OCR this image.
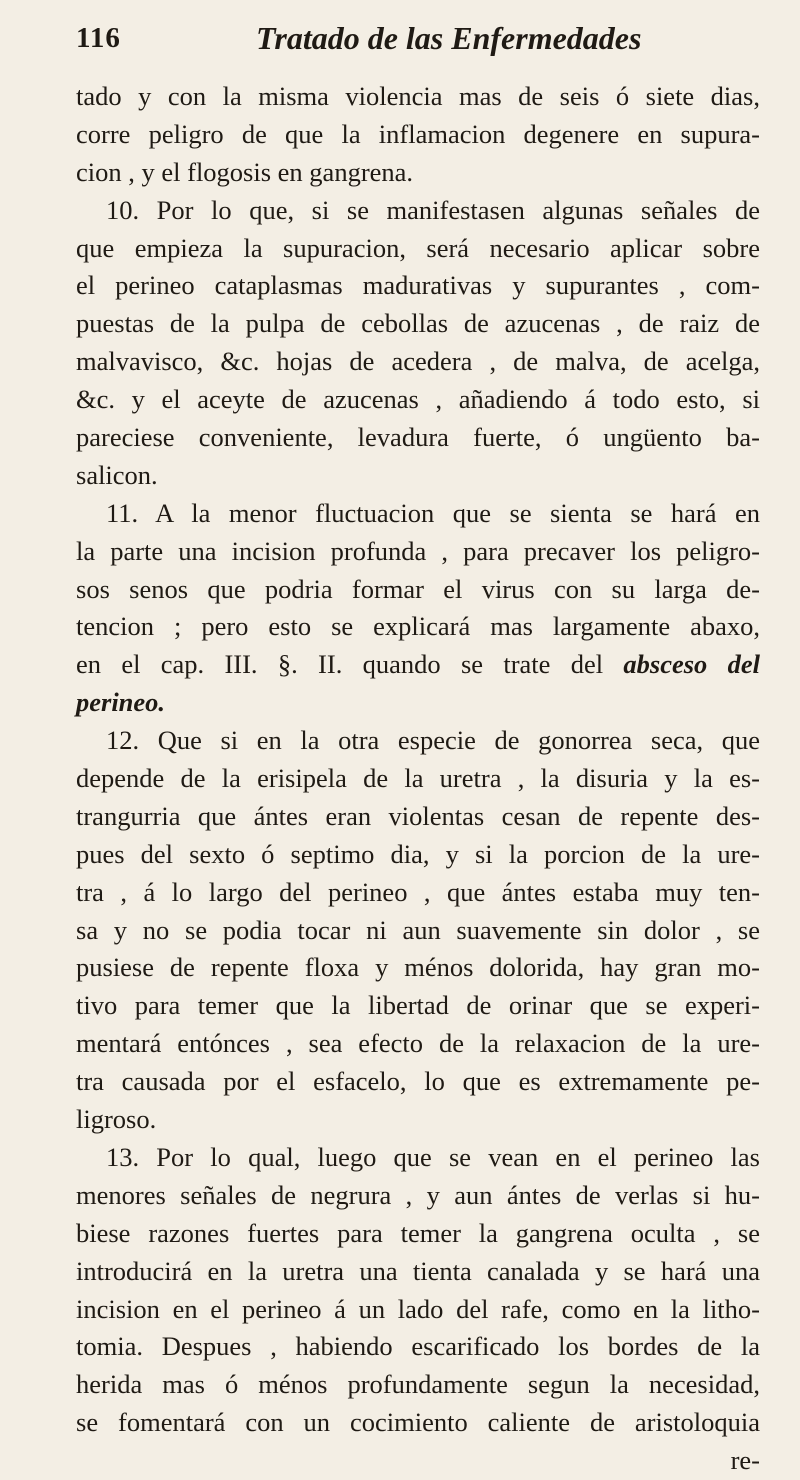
116	Tratado de las Enfermedades
tado y con la misma violencia mas de seis ó siete dias,
corre peligro de que la inflamacion degenere en supura-
cion , y el flogosis en gangrena.
10. Por lo que, si se manifestasen algunas señales de
que empieza la supuracion, será necesario aplicar sobre
el perineo cataplasmas madurativas y supurantes , com-
puestas de la pulpa de cebollas de azucenas , de raiz de
malvavisco, &c. hojas de acedera , de malva, de acelga,
&c. y el aceyte de azucenas , añadiendo á todo esto, si
pareciese conveniente, levadura fuerte, ó ungüento ba-
salicon.
11. A la menor fluctuacion que se sienta se hará en
la parte una incision profunda , para precaver los peligro-
sos senos que podria formar el virus con su larga de-
tencion ; pero esto se explicará mas largamente abaxo,
en el cap. III. §. II. quando se trate del absceso del
perineo.
12. Que si en la otra especie de gonorrea seca, que
depende de la erisipela de la uretra , la disuria y la es-
trangurria que ántes eran violentas cesan de repente des-
pues del sexto ó septimo dia, y si la porcion de la ure-
tra , á lo largo del perineo , que ántes estaba muy ten-
sa y no se podia tocar ni aun suavemente sin dolor , se
pusiese de repente floxa y ménos dolorida, hay gran mo-
tivo para temer que la libertad de orinar que se experi-
mentará entónces , sea efecto de la relaxacion de la ure-
tra causada por el esfacelo, lo que es extremamente pe-
ligroso.
13. Por lo qual, luego que se vean en el perineo las
menores señales de negrura , y aun ántes de verlas si hu-
biese razones fuertes para temer la gangrena oculta , se
introducirá en la uretra una tienta canalada y se hará una
incision en el perineo á un lado del rafe, como en la litho-
tomia. Despues , habiendo escarificado los bordes de la
herida mas ó ménos profundamente segun la necesidad,
se fomentará con un cocimiento caliente de aristoloquia
re-
